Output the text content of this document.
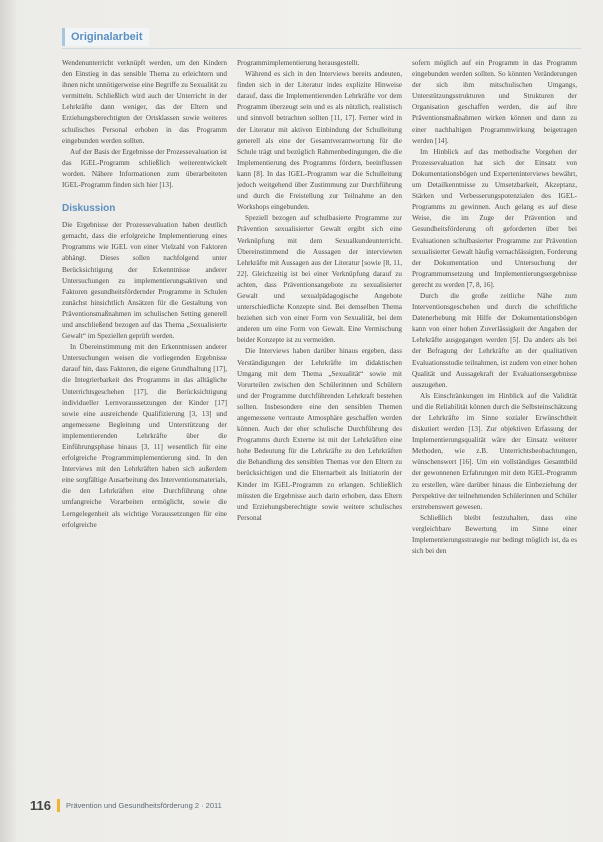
Originalarbeit

Wendenunterricht verknüpft werden, um den Kindern den Einstieg in das sensible Thema zu erleichtern und ihnen nicht unnötigerweise eine Begriffe zu Sexualität zu vermitteln. Schließlich wird auch der Unterricht in der Lehrkräfte dann weniger, das der Eltern und Erziehungsberechtigten der Ortsklassen sowie weiteres schulisches Personal erhoben in das Programm eingebunden werden sollten.

Auf der Basis der Ergebnisse der Prozessevaluation ist das IGEL-Programm schließlich weiterentwickelt worden. Nähere Informationen zum überarbeiteten IGEL-Programm finden sich hier [13].

Diskussion

Die Ergebnisse der Prozessevaluation haben deutlich gemacht, dass die erfolgreiche Implementierung eines Programms wie IGEL von einer Vielzahl von Faktoren abhängt. Dieses sollen nachfolgend unter Berücksichtigung der Erkenntnisse anderer Untersuchungen zu implementierungsaktiven und Faktoren gesundheitsfördernder Programme in Schulen zunächst hinsichtlich Ansätzen für die Gestaltung von Präventionsmaßnahmen im schulischen Setting generell und anschließend bezogen auf das Thema „Sexualisierte Gewalt“ im Speziellen geprüft werden.

In Übereinstimmung mit den Erkenntnissen anderer Untersuchungen weisen die vorliegenden Ergebnisse darauf hin, dass Faktoren, die eigene Grundhaltung [17], die Integrierbarkeit des Programms in das alltägliche Unterrichtsgeschehen [17], die Berücksichtigung individueller Lernvoraussetzungen der Kinder [17] sowie eine ausreichende Qualifizierung [3, 13] und angemessene Begleitung und Unterstützung der implementierenden Lehrkräfte über die Einführungsphase hinaus [3, 11] wesentlich für eine erfolgreiche Programmimplementierung sind. In den Interviews mit den Lehrkräften haben sich außerdem eine sorgfältige Ausarbeitung des Interventionsmaterials, die den Lehrkräften eine Durchführung ohne umfangreiche Vorarbeiten ermöglicht, sowie die Lerngelegenheit als wichtige Voraussetzungen für eine erfolgreiche

Programmimplementierung herausgestellt.

Während es sich in den Interviews bereits andeuten, finden sich in der Literatur indes explizite Hinweise darauf, dass die Implementierenden Lehrkräfte vor dem Programm überzeugt sein und es als nützlich, realistisch und sinnvoll betrachten sollten [11, 17]. Ferner wird in der Literatur mit aktiven Einbindung der Schulleitung generell als eine der Gesamtverantwortung für die Schule trägt und bezüglich Rahmenbedingungen, die die Implementierung des Programms fördern, beeinflussen kann [8]. In das IGEL-Programm war die Schulleitung jedoch weitgehend über Zustimmung zur Durchführung und durch die Freistellung zur Teilnahme an den Workshops eingebunden.

Speziell bezogen auf schulbasierte Programme zur Prävention sexualisierter Gewalt ergibt sich eine Verknüpfung mit dem Sexualkundeunterricht. Übereinstimmend die Aussagen der interviewten Lehrkräfte mit Aussagen aus der Literatur [sowie [8, 11, 22]. Gleichzeitig ist bei einer Verknüpfung darauf zu achten, dass Präventionsangebote zu sexualisierter Gewalt und sexualpädagogische Angebote unterschiedliche Konzepte sind. Bei demselben Thema beziehen sich von einer Form von Sexualität, bei dem anderen um eine Form von Gewalt. Eine Vermischung beider Konzepte ist zu vermeiden.

Die Interviews haben darüber hinaus ergeben, dass Verständigungen der Lehrkräfte im didaktischen Umgang mit dem Thema „Sexualität“ sowie mit Vorurteilen zwischen den Schülerinnen und Schülern und der Programme durchführenden Lehrkraft bestehen sollten. Insbesondere eine den sensiblen Themen angemessene vertraute Atmosphäre geschaffen werden können. Auch der eher schulische Durchführung des Programms durch Externe ist mit der Lehrkräften eine hohe Bedeutung für die Lehrkräfte zu den Lehrkräften die Behandlung des sensiblen Themas vor den Eltern zu berücksichtigen und die Elternarbeit als Initiatorin der Kinder im IGEL-Programm zu erlangen. Schließlich müssten die Ergebnisse auch darin erhoben, dass Eltern und Erziehungsberechtigte sowie weitere schulisches Personal

sofern möglich auf ein Programm in das Programm eingebunden werden sollten. So könnten Veränderungen der sich ihm mitschulischen Umgangs, Unterstützungsstrukturen und Strukturen der Organisation geschaffen werden, die auf ihre Präventionsmaßnahmen wirken können und dann zu einer nachhaltigen Programmwirkung beigetragen werden [14].

Im Hinblick auf das methodische Vorgehen der Prozessevaluation hat sich der Einsatz von Dokumentationsbögen und Experteninterviews bewährt, um Detailkenntnisse zu Umsetzbarkeit, Akzeptanz, Stärken und Verbesserungspotenzialen des IGEL-Programms zu gewinnen. Auch gelang es auf diese Weise, die im Zuge der Prävention und Gesundheitsförderung oft geforderten über bei Evaluationen schulbasierter Programme zur Prävention sexualisierter Gewalt häufig vernachlässigten, Forderung der Dokumentation und Untersuchung der Programmumsetzung und Implementierungsergebnisse gerecht zu werden [7, 8, 16].

Durch die große zeitliche Nähe zum Interventionsgeschehen und durch die schriftliche Datenerhebung mit Hilfe der Dokumentationsbögen kann von einer hohen Zuverlässigkeit der Angaben der Lehrkräfte ausgegangen werden [5]. Da anders als bei der Befragung der Lehrkräfte an der qualitativen Evaluationsstudie teilnahmen, ist zudem von einer hohen Qualität und Aussagekraft der Evaluationsergebnisse auszugehen.

Als Einschränkungen im Hinblick auf die Validität und die Reliabilität können durch die Selbsteinschätzung der Lehrkräfte im Sinne sozialer Erwünschtheit diskutiert werden [13]. Zur objektiven Erfassung der Implementierungsqualität wäre der Einsatz weiterer Methoden, wie z.B. Unterrichtsbeobachtungen, wünschenswert [16]. Um ein vollständiges Gesamtbild der gewonnenen Erfahrungen mit dem IGEL-Programm zu erstellen, wäre darüber hinaus die Einbeziehung der Perspektive der teilnehmenden Schülerinnen und Schüler erstrebenswert gewesen.

Schließlich bleibt festzuhalten, dass eine vergleichbare Bewertung im Sinne einer Implementierungsstrategie nur bedingt möglich ist, da es sich bei den

116 Prävention und Gesundheitsförderung 2 · 2011
